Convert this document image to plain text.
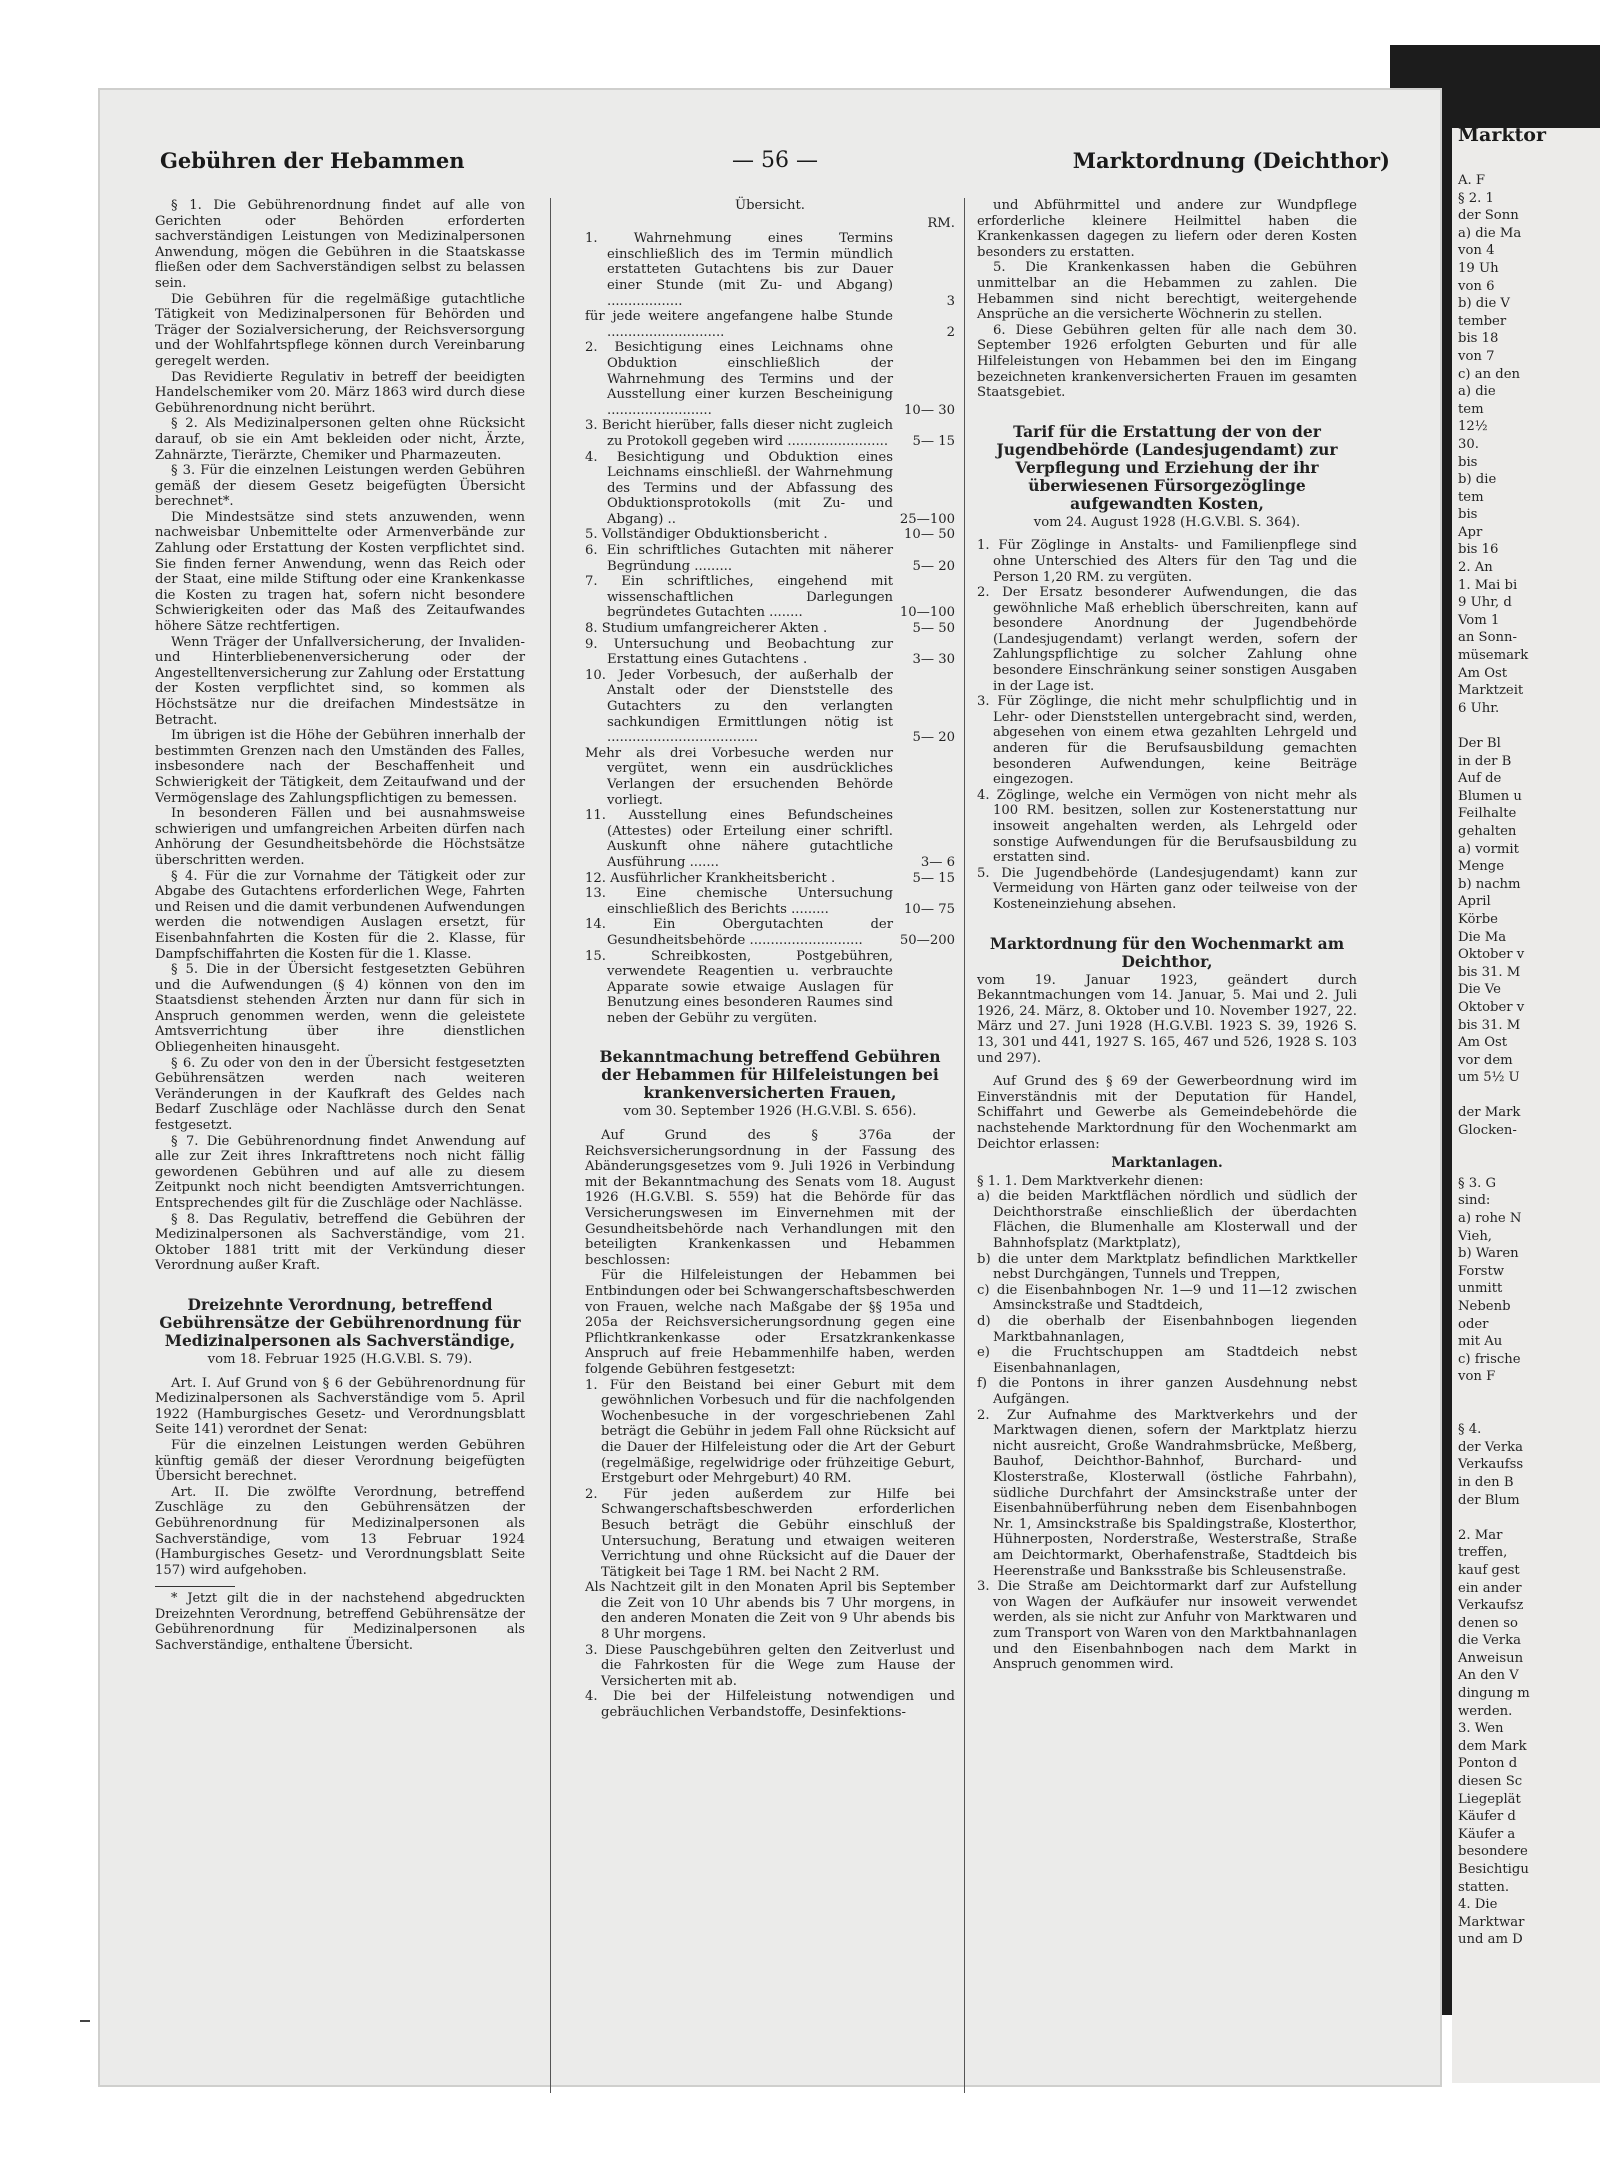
Marktor
A. F
§ 2. 1
der Sonn
a) die Ma
von 4
19 Uh
von 6
b) die V
tember
bis 18
von 7
c) an den
a) die
tem
12½
30.
bis
b) die
tem
bis
Apr
bis 16
2. An
1. Mai bi
9 Uhr, d
Vom 1
an Sonn-
müsemark
Am Ost
Marktzeit
6 Uhr.

Der Bl
in der B
Auf de
Blumen u
Feilhalte
gehalten
a) vormit
Menge
b) nachm
April
Körbe
Die Ma
Oktober v
bis 31. M
Die Ve
Oktober v
bis 31. M
Am Ost
vor dem
um 5½ U

der Mark
Glocken-

§ 3. G
sind:
a) rohe N
Vieh,
b) Waren
Forstw
unmitt
Nebenb
oder
mit Au
c) frische
von F

§ 4.
der Verka
Verkaufss
in den B
der Blum

2. Mar
treffen,
kauf gest
ein ander
Verkaufsz
denen so
die Verka
Anweisun
An den V
dingung m
werden.
3. Wen
dem Mark
Ponton d
diesen Sc
Liegeplät
Käufer d
Käufer a
besondere
Besichtigu
statten.
4. Die
Marktwar
und am D
Gebühren der Hebammen	— 56 —	Marktordnung (Deichthor)

§ 1. Die Gebührenordnung findet auf alle von Gerichten oder Behörden erforderten sachverständigen Leistungen von Medizinalpersonen Anwendung, mögen die Gebühren in die Staatskasse fließen oder dem Sachverständigen selbst zu belassen sein.

Die Gebühren für die regelmäßige gutachtliche Tätigkeit von Medizinalpersonen für Behörden und Träger der Sozialversicherung, der Reichsversorgung und der Wohlfahrtspflege können durch Vereinbarung geregelt werden.

Das Revidierte Regulativ in betreff der beeidigten Handelschemiker vom 20. März 1863 wird durch diese Gebührenordnung nicht berührt.

§ 2. Als Medizinalpersonen gelten ohne Rücksicht darauf, ob sie ein Amt bekleiden oder nicht, Ärzte, Zahnärzte, Tierärzte, Chemiker und Pharmazeuten.

§ 3. Für die einzelnen Leistungen werden Gebühren gemäß der diesem Gesetz beigefügten Übersicht berechnet*.

Die Mindestsätze sind stets anzuwenden, wenn nachweisbar Unbemittelte oder Armenverbände zur Zahlung oder Erstattung der Kosten verpflichtet sind. Sie finden ferner Anwendung, wenn das Reich oder der Staat, eine milde Stiftung oder eine Krankenkasse die Kosten zu tragen hat, sofern nicht besondere Schwierigkeiten oder das Maß des Zeitaufwandes höhere Sätze rechtfertigen.

Wenn Träger der Unfallversicherung, der Invaliden- und Hinterbliebenenversicherung oder der Angestelltenversicherung zur Zahlung oder Erstattung der Kosten verpflichtet sind, so kommen als Höchstsätze nur die dreifachen Mindestsätze in Betracht.

Im übrigen ist die Höhe der Gebühren innerhalb der bestimmten Grenzen nach den Umständen des Falles, insbesondere nach der Beschaffenheit und Schwierigkeit der Tätigkeit, dem Zeitaufwand und der Vermögenslage des Zahlungspflichtigen zu bemessen.

In besonderen Fällen und bei ausnahmsweise schwierigen und umfangreichen Arbeiten dürfen nach Anhörung der Gesundheitsbehörde die Höchstsätze überschritten werden.

§ 4. Für die zur Vornahme der Tätigkeit oder zur Abgabe des Gutachtens erforderlichen Wege, Fahrten und Reisen und die damit verbundenen Aufwendungen werden die notwendigen Auslagen ersetzt, für Eisenbahnfahrten die Kosten für die 2. Klasse, für Dampfschiffahrten die Kosten für die 1. Klasse.

§ 5. Die in der Übersicht festgesetzten Gebühren und die Aufwendungen (§ 4) können von den im Staatsdienst stehenden Ärzten nur dann für sich in Anspruch genommen werden, wenn die geleistete Amtsverrichtung über ihre dienstlichen Obliegenheiten hinausgeht.

§ 6. Zu oder von den in der Übersicht festgesetzten Gebührensätzen werden nach weiteren Veränderungen in der Kaufkraft des Geldes nach Bedarf Zuschläge oder Nachlässe durch den Senat festgesetzt.

§ 7. Die Gebührenordnung findet Anwendung auf alle zur Zeit ihres Inkrafttretens noch nicht fällig gewordenen Gebühren und auf alle zu diesem Zeitpunkt noch nicht beendigten Amtsverrichtungen. Entsprechendes gilt für die Zuschläge oder Nachlässe.

§ 8. Das Regulativ, betreffend die Gebühren der Medizinalpersonen als Sachverständige, vom 21. Oktober 1881 tritt mit der Verkündung dieser Verordnung außer Kraft.

Dreizehnte Verordnung, betreffend Gebührensätze der Gebührenordnung für Medizinalpersonen als Sachverständige,
vom 18. Februar 1925 (H.G.V.Bl. S. 79).

Art. I. Auf Grund von § 6 der Gebührenordnung für Medizinalpersonen als Sachverständige vom 5. April 1922 (Hamburgisches Gesetz- und Verordnungsblatt Seite 141) verordnet der Senat:

Für die einzelnen Leistungen werden Gebühren künftig gemäß der dieser Verordnung beigefügten Übersicht berechnet.

Art. II. Die zwölfte Verordnung, betreffend Zuschläge zu den Gebührensätzen der Gebührenordnung für Medizinalpersonen als Sachverständige, vom 13 Februar 1924 (Hamburgisches Gesetz- und Verordnungsblatt Seite 157) wird aufgehoben.

* Jetzt gilt die in der nachstehend abgedruckten Dreizehnten Verordnung, betreffend Gebührensätze der Gebührenordnung für Medizinalpersonen als Sachverständige, enthaltene Übersicht.

Übersicht.
RM.
1. Wahrnehmung eines Termins einschließlich des im Termin mündlich erstatteten Gutachtens bis zur Dauer einer Stunde (mit Zu- und Abgang) ..................	3
für jede weitere angefangene halbe Stunde ............................	2
2. Besichtigung eines Leichnams ohne Obduktion einschließlich der Wahrnehmung des Termins und der Ausstellung einer kurzen Bescheinigung .........................	10— 30
3. Bericht hierüber, falls dieser nicht zugleich zu Protokoll gegeben wird ........................	5— 15
4. Besichtigung und Obduktion eines Leichnams einschließl. der Wahrnehmung des Termins und der Abfassung des Obduktionsprotokolls (mit Zu- und Abgang) ..	25—100
5. Vollständiger Obduktionsbericht .	10— 50
6. Ein schriftliches Gutachten mit näherer Begründung .........	5— 20
7. Ein schriftliches, eingehend mit wissenschaftlichen Darlegungen begründetes Gutachten ........	10—100
8. Studium umfangreicherer Akten .	5— 50
9. Untersuchung und Beobachtung zur Erstattung eines Gutachtens .	3— 30
10. Jeder Vorbesuch, der außerhalb der Anstalt oder der Dienststelle des Gutachters zu den verlangten sachkundigen Ermittlungen nötig ist ....................................	5— 20
Mehr als drei Vorbesuche werden nur vergütet, wenn ein ausdrückliches Verlangen der ersuchenden Behörde vorliegt.
11. Ausstellung eines Befundscheines (Attestes) oder Erteilung einer schriftl. Auskunft ohne nähere gutachtliche Ausführung .......	3— 6
12. Ausführlicher Krankheitsbericht .	5— 15
13. Eine chemische Untersuchung einschließlich des Berichts .........	10— 75
14. Ein Obergutachten der Gesundheitsbehörde ...........................	50—200
15. Schreibkosten, Postgebühren, verwendete Reagentien u. verbrauchte Apparate sowie etwaige Auslagen für Benutzung eines besonderen Raumes sind neben der Gebühr zu vergüten.
Bekanntmachung betreffend Gebühren der Hebammen für Hilfeleistungen bei krankenversicherten Frauen,
vom 30. September 1926 (H.G.V.Bl. S. 656).

Auf Grund des § 376a der Reichsversicherungsordnung in der Fassung des Abänderungsgesetzes vom 9. Juli 1926 in Verbindung mit der Bekanntmachung des Senats vom 18. August 1926 (H.G.V.Bl. S. 559) hat die Behörde für das Versicherungswesen im Einvernehmen mit der Gesundheitsbehörde nach Verhandlungen mit den beteiligten Krankenkassen und Hebammen beschlossen:

Für die Hilfeleistungen der Hebammen bei Entbindungen oder bei Schwangerschaftsbeschwerden von Frauen, welche nach Maßgabe der §§ 195a und 205a der Reichsversicherungsordnung gegen eine Pflichtkrankenkasse oder Ersatzkrankenkasse Anspruch auf freie Hebammenhilfe haben, werden folgende Gebühren festgesetzt:

1. Für den Beistand bei einer Geburt mit dem gewöhnlichen Vorbesuch und für die nachfolgenden Wochenbesuche in der vorgeschriebenen Zahl beträgt die Gebühr in jedem Fall ohne Rücksicht auf die Dauer der Hilfeleistung oder die Art der Geburt (regelmäßige, regelwidrige oder frühzeitige Geburt, Erstgeburt oder Mehrgeburt) 40 RM.

2. Für jeden außerdem zur Hilfe bei Schwangerschaftsbeschwerden erforderlichen Besuch beträgt die Gebühr einschluß der Untersuchung, Beratung und etwaigen weiteren Verrichtung und ohne Rücksicht auf die Dauer der Tätigkeit bei Tage 1 RM. bei Nacht 2 RM.

Als Nachtzeit gilt in den Monaten April bis September die Zeit von 10 Uhr abends bis 7 Uhr morgens, in den anderen Monaten die Zeit von 9 Uhr abends bis 8 Uhr morgens.

3. Diese Pauschgebühren gelten den Zeitverlust und die Fahrkosten für die Wege zum Hause der Versicherten mit ab.

4. Die bei der Hilfeleistung notwendigen und gebräuchlichen Verbandstoffe, Desinfektions-

und Abführmittel und andere zur Wundpflege erforderliche kleinere Heilmittel haben die Krankenkassen dagegen zu liefern oder deren Kosten besonders zu erstatten.

5. Die Krankenkassen haben die Gebühren unmittelbar an die Hebammen zu zahlen. Die Hebammen sind nicht berechtigt, weitergehende Ansprüche an die versicherte Wöchnerin zu stellen.

6. Diese Gebühren gelten für alle nach dem 30. September 1926 erfolgten Geburten und für alle Hilfeleistungen von Hebammen bei den im Eingang bezeichneten krankenversicherten Frauen im gesamten Staatsgebiet.

Tarif für die Erstattung der von der Jugendbehörde (Landesjugendamt) zur Verpflegung und Erziehung der ihr überwiesenen Fürsorgezöglinge aufgewandten Kosten,
vom 24. August 1928 (H.G.V.Bl. S. 364).

1. Für Zöglinge in Anstalts- und Familienpflege sind ohne Unterschied des Alters für den Tag und die Person 1,20 RM. zu vergüten.

2. Der Ersatz besonderer Aufwendungen, die das gewöhnliche Maß erheblich überschreiten, kann auf besondere Anordnung der Jugendbehörde (Landesjugendamt) verlangt werden, sofern der Zahlungspflichtige zu solcher Zahlung ohne besondere Einschränkung seiner sonstigen Ausgaben in der Lage ist.

3. Für Zöglinge, die nicht mehr schulpflichtig und in Lehr- oder Dienststellen untergebracht sind, werden, abgesehen von einem etwa gezahlten Lehrgeld und anderen für die Berufsausbildung gemachten besonderen Aufwendungen, keine Beiträge eingezogen.

4. Zöglinge, welche ein Vermögen von nicht mehr als 100 RM. besitzen, sollen zur Kostenerstattung nur insoweit angehalten werden, als Lehrgeld oder sonstige Aufwendungen für die Berufsausbildung zu erstatten sind.

5. Die Jugendbehörde (Landesjugendamt) kann zur Vermeidung von Härten ganz oder teilweise von der Kosteneinziehung absehen.

Marktordnung für den Wochenmarkt am Deichthor,
vom 19. Januar 1923, geändert durch Bekanntmachungen vom 14. Januar, 5. Mai und 2. Juli 1926, 24. März, 8. Oktober und 10. November 1927, 22. März und 27. Juni 1928 (H.G.V.Bl. 1923 S. 39, 1926 S. 13, 301 und 441, 1927 S. 165, 467 und 526, 1928 S. 103 und 297).

Auf Grund des § 69 der Gewerbeordnung wird im Einverständnis mit der Deputation für Handel, Schiffahrt und Gewerbe als Gemeindebehörde die nachstehende Marktordnung für den Wochenmarkt am Deichtor erlassen:

Marktanlagen.

§ 1. 1. Dem Marktverkehr dienen:

a) die beiden Marktflächen nördlich und südlich der Deichthorstraße einschließlich der überdachten Flächen, die Blumenhalle am Klosterwall und der Bahnhofsplatz (Marktplatz),

b) die unter dem Marktplatz befindlichen Marktkeller nebst Durchgängen, Tunnels und Treppen,

c) die Eisenbahnbogen Nr. 1—9 und 11—12 zwischen Amsinckstraße und Stadtdeich,

d) die oberhalb der Eisenbahnbogen liegenden Marktbahnanlagen,

e) die Fruchtschuppen am Stadtdeich nebst Eisenbahnanlagen,

f) die Pontons in ihrer ganzen Ausdehnung nebst Aufgängen.

2. Zur Aufnahme des Marktverkehrs und der Marktwagen dienen, sofern der Marktplatz hierzu nicht ausreicht, Große Wandrahmsbrücke, Meßberg, Bauhof, Deichthor-Bahnhof, Burchard- und Klosterstraße, Klosterwall (östliche Fahrbahn), südliche Durchfahrt der Amsinckstraße unter der Eisenbahnüberführung neben dem Eisenbahnbogen Nr. 1, Amsinckstraße bis Spaldingstraße, Klosterthor, Hühnerposten, Norderstraße, Westerstraße, Straße am Deichtormarkt, Oberhafenstraße, Stadtdeich bis Heerenstraße und Banksstraße bis Schleusenstraße.

3. Die Straße am Deichtormarkt darf zur Aufstellung von Wagen der Aufkäufer nur insoweit verwendet werden, als sie nicht zur Anfuhr von Marktwaren und zum Transport von Waren von den Marktbahnanlagen und den Eisenbahnbogen nach dem Markt in Anspruch genommen wird.
